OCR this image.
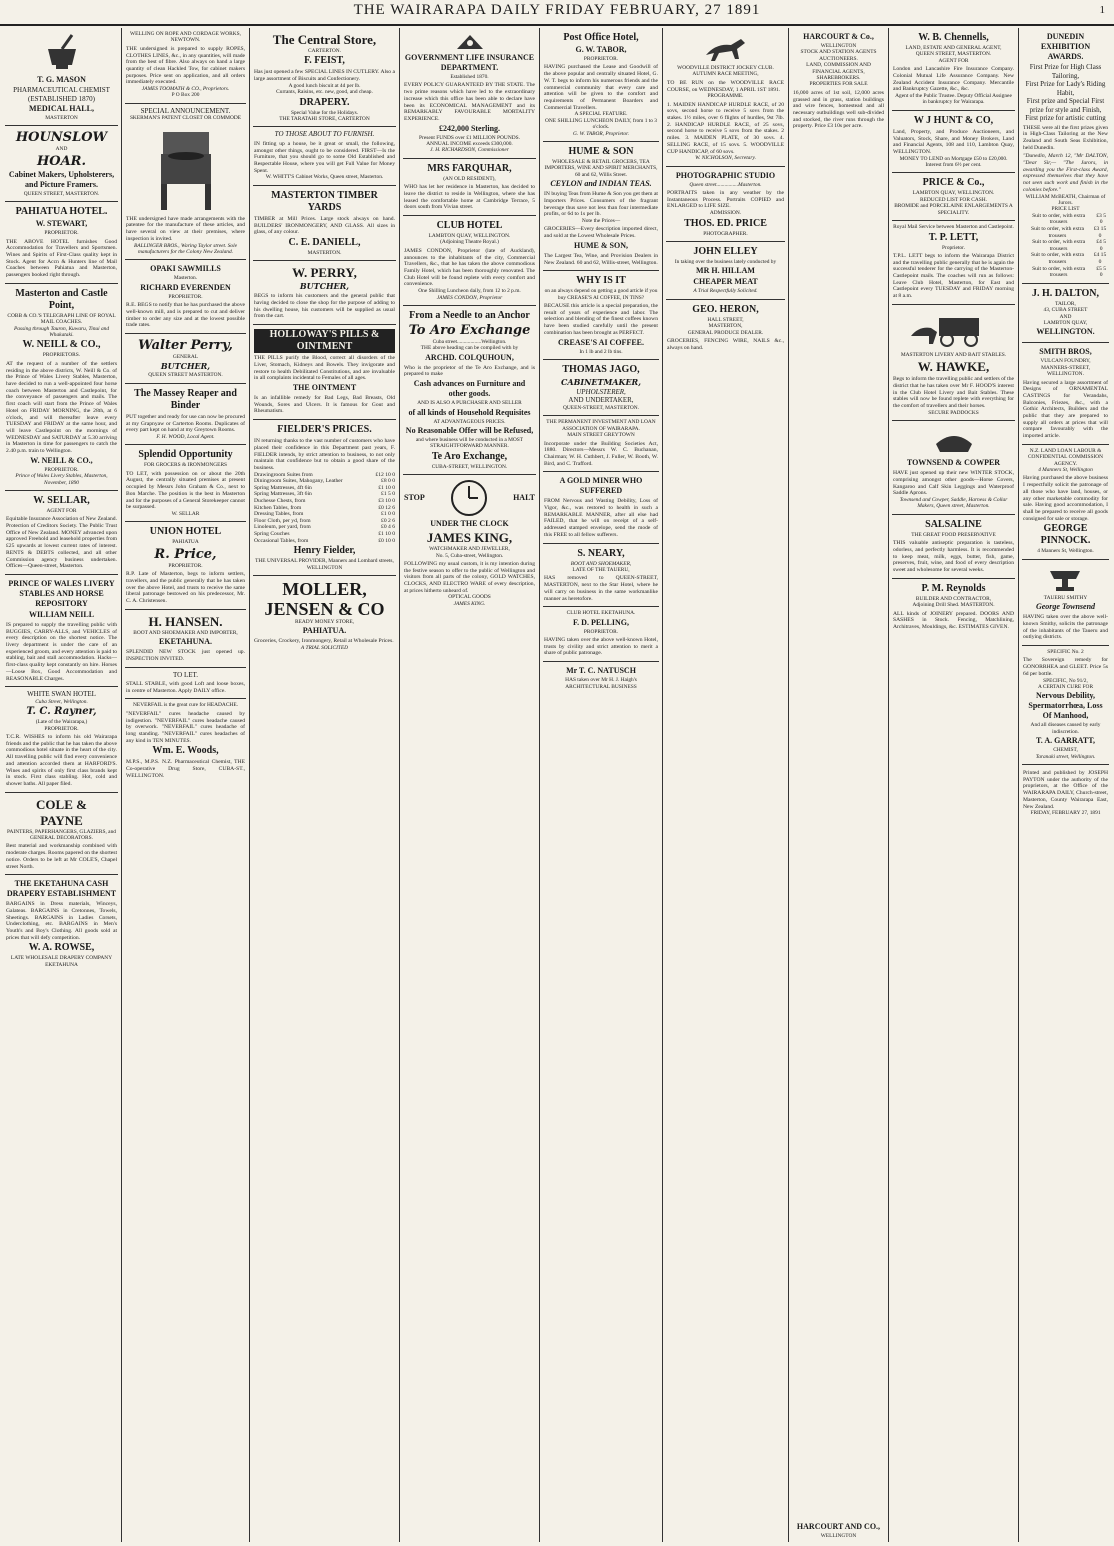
THE WAIRARAPA DAILY FRIDAY FEBRUARY, 27 1891	1
T. G. MASON
PHARMACEUTICAL CHEMIST
(ESTABLISHED 1870)
MEDICAL HALL,
MASTERTON
HOUNSLOW
AND
HOAR.
Cabinet Makers, Upholsterers, and Picture Framers.
QUEEN STREET, MASTERTON.
PAHIATUA HOTEL.
W. STEWART,
PROPRIETOR.
THE ABOVE HOTEL furnishes Good Accommodation for Travellers and Sportsmen. Wines and Spirits of First-Class quality kept in Stock. Agent for Accn & Hunters line of Mail Coaches between Pahiatua and Masterton, passengers booked right through.
Masterton and Castle Point,
COBB & CO.'S TELEGRAPH LINE OF ROYAL MAIL COACHES.
Passing through Tauron, Kuwaru, Tinui and Whakataki.
W. NEILL & CO.,
PROPRIETORS.
AT the request of a number of the settlers residing in the above districts, W. Neill & Co. of the Prince of Wales Livery Stables, Masterton, have decided to run a well-appointed four horse coach between Masterton and Castlepoint, for the conveyance of passengers and mails. The first coach will start from the Prince of Wales Hotel on FRIDAY MORNING, the 28th, at 6 o'clock, and will thereafter leave every TUESDAY and FRIDAY at the same hour, and will leave Castlepoint on the mornings of WEDNESDAY and SATURDAY at 5.30 arriving in Masterton in time for passengers to catch the 2.40 p.m. train to Wellington.
W. NEILL & CO.,
PROPRIETOR.
Prince of Wales Livery Stables, Masterton, November, 1890
W. SELLAR,
AGENT FOR
Equitable Insurance Association of New Zealand. Protection of Creditors Society. The Public Trust Office of New Zealand. MONEY advanced upon approved Freehold and leasehold properties from £25 upwards at lowest current rates of interest. RENTS & DEBTS collected, and all other Commission agency business undertaken. Offices—Queen-street, Masterton.
PRINCE OF WALES LIVERY STABLES AND HORSE REPOSITORY
WILLIAM NEILL
IS prepared to supply the travelling public with BUGGIES, CARRY-ALLS, and VEHICLES of every description on the shortest notice. The livery department is under the care of an experienced groom, and every attention is paid to stabling, bait and stall accommodation. Hacks—first-class quality kept constantly on hire. Horses—Loose Box, Good Accommodation and REASONABLE Charges.
WHITE SWAN HOTEL
Cuba Street, Wellington.
T. C. Rayner,
(Late of the Wairarapa,)
PROPRIETOR.
T.C.R. WISHES to inform his old Wairarapa friends and the public that he has taken the above commodious hotel situate in the heart of the city. All travelling public will find every convenience and attention accorded them at HARFORD'S. Wines and spirits of only first class brands kept in stock. First class stabling. Hot, cold and shower baths. All paper filed.
COLE &
PAYNE
PAINTERS, PAPERHANGERS, GLAZIERS, and GENERAL DECORATORS.
Best material and workmanship combined with moderate charges. Rooms papered on the shortest notice. Orders to be left at Mr COLE'S, Chapel street North.
THE EKETAHUNA CASH DRAPERY ESTABLISHMENT
BARGAINS in Dress materials, Winceys, Galateas. BARGAINS in Cretonnes, Towels, Sheetings. BARGAINS in Ladies Corsets, Underclothing, etc. BARGAINS in Men's Youth's and Boy's Clothing. All goods sold at prices that will defy competition.
W. A. ROWSE,
LATE WHOLESALE DRAPERY COMPANY EKETAHUNA
WELLING ON ROPE AND CORDAGE WORKS, NEWTOWN.
THE undersigned is prepared to supply ROPES, CLOTHES LINES, &c., in any quantities, will made from the best of fibre. Also always on hand a large quantity of clean Hackled Tow, for cabinet makers purposes. Price sent on application, and all orders immediately executed.
JAMES TOOMATH & CO., Proprietors.
P O Box 200
SPECIAL ANNOUNCEMENT.
SKERMAN'S PATENT CLOSET OR COMMODE
THE undersigned have made arrangements with the patentee for the manufacture of these articles, and have several on view at their premises, where inspection is invited.
BALLINGER BROS., Waring Taylor street. Sole manufacturers for the Colony New Zealand.
OPAKI SAWMILLS
Masterton.
RICHARD EVERENDEN
PROPRIETOR.
R.E. BEGS to notify that he has purchased the above well-known mill, and is prepared to cut and deliver timber to order any size and at the lowest possible trade rates.
Walter Perry,
GENERAL
BUTCHER,
QUEEN STREET MASTERTON.
The Massey Reaper and Binder
PUT together and ready for use can now be procured at my Grapnyaw or Carterton Rooms. Duplicates of every part kept on hand at my Greytown Rooms.
F. H. WOOD, Local Agent.
Splendid Opportunity
FOR GROCERS & IRONMONGERS
TO LET, with possession on or about the 20th August, the centrally situated premises at present occupied by Messrs John Graham & Co., next to Bon Marche. The position is the best in Masterton and for the purposes of a General Storekeeper cannot be surpassed.
W. SELLAR
UNION HOTEL
PAHIATUA
R. Price,
PROPRIETOR.
R.P. Late of Masterton, begs to inform settlers, travellers, and the public generally that he has taken over the above Hotel, and trusts to receive the same liberal patronage bestowed on his predecessor, Mr. C. A. Christensen.
H. HANSEN.
BOOT AND SHOEMAKER AND IMPORTER,
EKETAHUNA.
SPLENDID NEW STOCK just opened up. INSPECTION INVITED.
TO LET.
STALL STABLE, with good Loft and loose boxes, in centre of Masterton. Apply DAILY office.
NEVERFAIL is the great cure for HEADACHE.
"NEVERFAIL" cures headache caused by indigestion. "NEVERFAIL" cures headache caused by overwork. "NEVERFAIL" cures headache of long standing. "NEVERFAIL" cures headaches of any kind in TEN MINUTES.
Wm. E. Woods,
M.P.S., M.P.S. N.Z. Pharmaceutical Chemist, THE Co-operative Drug Store, CUBA-ST., WELLINGTON.
The Central Store,
CARTERTON.
F. FEIST,
Has just opened a few SPECIAL LINES IN CUTLERY. Also a large assortment of Biscuits and Confectionery.
A good lunch biscuit at 4d per lb.
Currants, Raisins, etc. new, good, and cheap.
DRAPERY.
Special Value for the Holidays.
THE TARATAHI STORE, CARTERTON
TO THOSE ABOUT TO FURNISH.
IN fitting up a house, be it great or small, the following, amongst other things, ought to be considered. FIRST—Is the Furniture, that you should go to some Old Established and Respectable House, where you will get Full Value for Money Spent.
W. WHITT'S Cabinet Works, Queen street, Masterton.
MASTERTON TIMBER YARDS
TIMBER at Mill Prices. Large stock always on hand. BUILDERS' IRONMONGERY, AND GLASS. All sizes in glass, of any colour.
C. E. DANIELL,
MASTERTON.
W. PERRY,
BUTCHER,
BEGS to inform his customers and the general public that having decided to close the shop for the purpose of adding to his dwelling house, his customers will be supplied as usual from the cart.
HOLLOWAY'S PILLS & OINTMENT
THE PILLS purify the Blood, correct all disorders of the Liver, Stomach, Kidneys and Bowels. They invigorate and restore to health Debilitated Constitutions, and are invaluable in all complaints incidental to Females of all ages.
THE OINTMENT
Is an infallible remedy for Bad Legs, Bad Breasts, Old Wounds, Sores and Ulcers. It is famous for Gout and Rheumatism.
FIELDER'S PRICES.
IN returning thanks to the vast number of customers who have placed their confidence in this Department past years, F. FIELDER intends, by strict attention to business, to not only maintain that confidence but to obtain a good share of the business.
Drawingroom Suites from	£12 10 0
Diningroom Suites, Mahogany, Leather	£8 0 0
Spring Mattresses, 4ft 6in	£1 10 0
Spring Mattresses, 3ft 6in	£1 5 0
Duchesse Chests, from	£3 10 0
Kitchen Tables, from	£0 12 6
Dressing Tables, from	£1 0 0
Floor Cloth, per yd, from	£0 2 6
Linoleum, per yard, from	£0 4 6
Spring Couches	£1 10 0
Occasional Tables, from	£0 10 0
Henry Fielder,
THE UNIVERSAL PROVIDER, Manners and Lombard streets, WELLINGTON
MOLLER, JENSEN & CO
READY MONEY STORE,
PAHIATUA.
Groceries, Crockery, Ironmongery, Retail at Wholesale Prices.
A TRIAL SOLICITED
GOVERNMENT LIFE INSURANCE DEPARTMENT.
Established 1870.
EVERY POLICY GUARANTEED BY THE STATE. The two prime reasons which have led to the extraordinary increase which this office has been able to declare have been its ECONOMICAL MANAGEMENT and its REMARKABLY FAVOURABLE MORTALITY EXPERIENCE.
£242,000 Sterling.
Present FUNDS over £1 MILLION POUNDS.
ANNUAL INCOME exceeds £300,000.
J. H. RICHARDSON, Commissioner
MRS FARQUHAR,
(AN OLD RESIDENT),
WHO has let her residence in Masterton, has decided to leave the district to reside in Wellington, where she has leased the comfortable home at Cambridge Terrace, 5 doors south from Vivian street.
CLUB HOTEL
LAMBTON QUAY, WELLINGTON.
(Adjoining Theatre Royal.)
JAMES CONDON, Proprietor (late of Auckland), announces to the inhabitants of the city, Commercial Travellers, &c., that he has taken the above commodious Family Hotel, which has been thoroughly renovated. The Club Hotel will be found replete with every comfort and convenience.
One Shilling Luncheon daily, from 12 to 2 p.m.
JAMES CONDON, Proprietor
From a Needle to an Anchor
To Aro Exchange
Cuba street..................Wellington.
THE above heading can be compiled with by
ARCHD. COLQUHOUN,
Who is the proprietor of the Te Aro Exchange, and is prepared to make
Cash advances on Furniture and other goods.
AND IS ALSO A PURCHASER AND SELLER
of all kinds of Household Requisites
AT ADVANTAGEOUS PRICES.
No Reasonable Offer will be Refused,
and where business will be conducted in a MOST STRAIGHTFORWARD MANNER.
Te Aro Exchange,
CUBA-STREET, WELLINGTON.
STOP	HALT
UNDER THE CLOCK
JAMES KING,
WATCHMAKER AND JEWELLER,
No. 5, Cuba-street, Wellington.
FOLLOWING my usual custom, it is my intention during the festive season to offer to the public of Wellington and visitors from all parts of the colony, GOLD WATCHES, CLOCKS, AND ELECTRO WARE of every description, at prices hitherto unheard of.
OPTICAL GOODS
JAMES KING.
Post Office Hotel,
G. W. TABOR,
PROPRIETOR.
HAVING purchased the Lease and Goodwill of the above popular and centrally situated Hotel, G. W. T. begs to inform his numerous friends and the commercial community that every care and attention will be given to the comfort and requirements of Permanent Boarders and Commercial Travellers.
A SPECIAL FEATURE.
ONE SHILLING LUNCHEON DAILY, from 1 to 3 o'clock.
G. W. TABOR, Proprietor.
HUME & SON
WHOLESALE & RETAIL GROCERS, TEA IMPORTERS, WINE AND SPIRIT MERCHANTS, 60 and 62, Willis Street.
CEYLON and INDIAN TEAS.
IN buying Teas from Hume & Son you get them at Importers Prices. Consumers of the fragrant beverage thus save not less than four intermediate profits, or 6d to 1s per lb.
Note the Prices—
GROCERIES—Every description imported direct, and sold at the Lowest Wholesale Prices.
HUME & SON,
The Largest Tea, Wine, and Provision Dealers in New Zealand. 60 and 62, Willis-street, Wellington.
WHY IS IT
on an always depend on getting a good article if you buy CREASE'S AI COFFEE, IN TINS?
BECAUSE this article is a special preparation, the result of years of experience and labor. The selection and blending of the finest coffees known have been studied carefully until the present combination has been brought as PERFECT.
CREASE'S AI COFFEE.
In 1 lb and 2 lb tins.
THOMAS JAGO,
CABINETMAKER,
UPHOLSTERER,
AND UNDERTAKER,
QUEEN-STREET, MASTERTON.
THE PERMANENT INVESTMENT AND LOAN ASSOCIATION OF WAIRARAPA.
MAIN STREET GREYTOWN
Incorporate under the Building Societies Act, 1880. Directors—Messrs W. C. Buchanan, Chairman; W. H. Cuthbert, J. Fuller, W. Booth, W. Bird, and C. Trafford.
A GOLD MINER WHO SUFFERED
FROM Nervous and Wasting Debility, Loss of Vigor, &c., was restored to health in such a REMARKABLE MANNER, after all else had FAILED, that he will on receipt of a self-addressed stamped envelope, send the mode of this FREE to all fellow sufferers.
S. NEARY,
BOOT AND SHOEMAKER,
LATE OF THE TAUERU,
HAS removed to QUEEN-STREET, MASTERTON, next to the Star Hotel, where he will carry on business in the same workmanlike manner as heretofore.
CLUB HOTEL EKETAHUNA.
F. D. PELLING,
PROPRIETOR.
HAVING taken over the above well-known Hotel, trusts by civility and strict attention to merit a share of public patronage.
Mr T. C. NATUSCH
HAS taken over Mr H. J. Haigh's ARCHITECTURAL BUSINESS
WOODVILLE DISTRICT JOCKEY CLUB.
AUTUMN RACE MEETING,
TO BE RUN on the WOODVILLE RACE COURSE, on WEDNESDAY, 1 APRIL 1ST 1891.
PROGRAMME.
1. MAIDEN HANDICAP HURDLE RACE, of 20 sovs, second horse to receive 5 sovs from the stakes. 1½ miles, over 6 flights of hurdles, 9st 7lb. 2. HANDICAP HURDLE RACE, of 25 sovs, second horse to receive 5 sovs from the stakes. 2 miles. 3. MAIDEN PLATE, of 30 sovs. 4. SELLING RACE, of 15 sovs. 5. WOODVILLE CUP HANDICAP, of 60 sovs.
W. NICHOLSON, Secretary.
PHOTOGRAPHIC STUDIO
Queen street................Masterton.
PORTRAITS taken in any weather by the Instantaneous Process. Portraits COPIED and ENLARGED to LIFE SIZE.
ADMISSION.
THOS. ED. PRICE
PHOTOGRAPHER.
JOHN ELLEY
In taking over the business lately conducted by
MR H. HILLAM
CHEAPER MEAT
A Trial Respectfully Solicited.
GEO. HERON,
HALL STREET,
MASTERTON,
GENERAL PRODUCE DEALER.
GROCERIES, FENCING WIRE, NAILS &c., always on hand.
HARCOURT & Co.,
WELLINGTON
STOCK AND STATION AGENTS AUCTIONEERS.
LAND, COMMISSION AND FINANCIAL AGENTS, SHAREBROKERS.
PROPERTIES FOR SALE
16,000 acres of 1st soil, 12,000 acres grassed and in grass, station buildings and wire fences, homestead and all necessary outbuildings well sub-divided and stocked, the river runs through the property. Price £3 10s per acre.
HARCOURT AND CO.,
WELLINGTON
W. B. Chennells,
LAND, ESTATE AND GENERAL AGENT,
QUEEN STREET, MASTERTON.
AGENT FOR
London and Lancashire Fire Insurance Company. Colonial Mutual Life Assurance Company. New Zealand Accident Insurance Company. Mercantile and Bankruptcy Gazette, &c., &c.
Agent of the Public Trustee. Deputy Official Assignee in bankruptcy for Wairarapa.
W J HUNT & CO,
Land, Property, and Produce Auctioneers, and Valuators, Stock, Share, and Money Brokers, Land and Financial Agents, 108 and 110, Lambton Quay, WELLINGTON.
MONEY TO LEND on Mortgage £50 to £20,000. Interest from 6½ per cent.
PRICE & Co.,
LAMBTON QUAY, WELLINGTON.
REDUCED LIST FOR CASH.
BROMIDE and PORCELAINE ENLARGEMENTS A SPECIALITY.
Royal Mail Service between Masterton and Castlepoint.
T. P. LETT,
Proprietor.
T.P.L. LETT begs to inform the Wairarapa District and the travelling public generally that he is again the successful tenderer for the carrying of the Masterton-Castlepoint mails. The coaches will run as follows: Leave Club Hotel, Masterton, for East and Castlepoint every TUESDAY and FRIDAY morning at 8 a.m.
MASTERTON LIVERY AND BAIT STABLES.
W. HAWKE,
Begs to inform the travelling public and settlers of the district that he has taken over Mr F. HOOD'S interest in the Club Hotel Livery and Bait Stables. These stables will now be found replete with everything for the comfort of travellers and their horses.
SECURE PADDOCKS
TOWNSEND & COWPER
HAVE just opened up their new WINTER STOCK, comprising amongst other goods—Horse Covers, Kangaroo and Calf Skin Leggings and Waterproof Saddle Aprons.
Townsend and Cowper, Saddle, Harness & Collar Makers, Queen street, Masterton.
SALSALINE
THE GREAT FOOD PRESERVATIVE
THIS valuable antiseptic preparation is tasteless, odorless, and perfectly harmless. It is recommended to keep meat, milk, eggs, butter, fish, game, preserves, fruit, wine, and food of every description sweet and wholesome for several weeks.
P. M. Reynolds
BUILDER AND CONTRACTOR,
Adjoining Drill Shed. MASTERTON.
ALL kinds of JOINERY prepared. DOORS AND SASHES in Stock. Fencing, Matchlining, Architraves, Mouldings, &c. ESTIMATES GIVEN.
DUNEDIN EXHIBITION AWARDS.
First Prize for High Class Tailoring,
First Prize for Lady's Riding Habit,
First prize and Special First prize for style and Finish,
First prize for artistic cutting
THESE were all the first prizes given in High-Class Tailoring at the New Zealand and South Seas Exhibition, held Dunedin.
"Dunedin, March 12, "Mr DALTON, "Dear Sir,— "The Jurors, in awarding you the First-class Award, expressed themselves that they have not seen such work and finish in the colonies before."
WILLIAM McBEATH, Chairman of Jurors.
PRICE LIST
Suit to order, with extra trousers
£3 5 0
Suit to order, with extra trousers
£3 15 0
Suit to order, with extra trousers
£4 5 0
Suit to order, with extra trousers
£4 15 0
Suit to order, with extra trousers
£5 5 0
J. H. DALTON,
TAILOR,
43, CUBA STREET
AND
LAMBTON QUAY,
WELLINGTON.
SMITH BROS,
VULCAN FOUNDRY,
MANNERS-STREET, WELLINGTON.
Having secured a large assortment of Designs of ORNAMENTAL CASTINGS for Verandahs, Balconies, Friezes, &c., with a Gothic Architects, Builders and the public that they are prepared to supply all orders at prices that will compare favourably with the imported article.
N.Z. LAND LOAN LABOUR & CONFIDENTIAL COMMISSION AGENCY.
4 Manners St, Wellington
Having purchased the above business I respectfully solicit the patronage of all those who have land, houses, or any other marketable commodity for sale. Having good accommodation, I shall be prepared to receive all goods consigned for sale or storage.
GEORGE PINNOCK.
4 Manners St, Wellington.
TAUERU SMITHY
George Townsend
HAVING taken over the above well-known Smithy, solicits the patronage of the inhabitants of the Taueru and outlying districts.
SPECIFIC No. 2
The Sovereign remedy for GONORRHEA and GLEET. Price 5s 6d per bottle.
SPECIFIC, No 91/2,
A CERTAIN CURE FOR
Nervous Debility, Spermatorrhœa, Loss Of Manhood,
And all diseases caused by early indiscretion.
T. A. GARRATT,
CHEMIST,
Taranaki street, Wellington.
Printed and published by JOSEPH PAYTON under the authority of the proprietors, at the Office of the WAIRARAPA DAILY, Church-street, Masterton, County Wairarapa East, New Zealand.
FRIDAY, FEBRUARY 27, 1891
